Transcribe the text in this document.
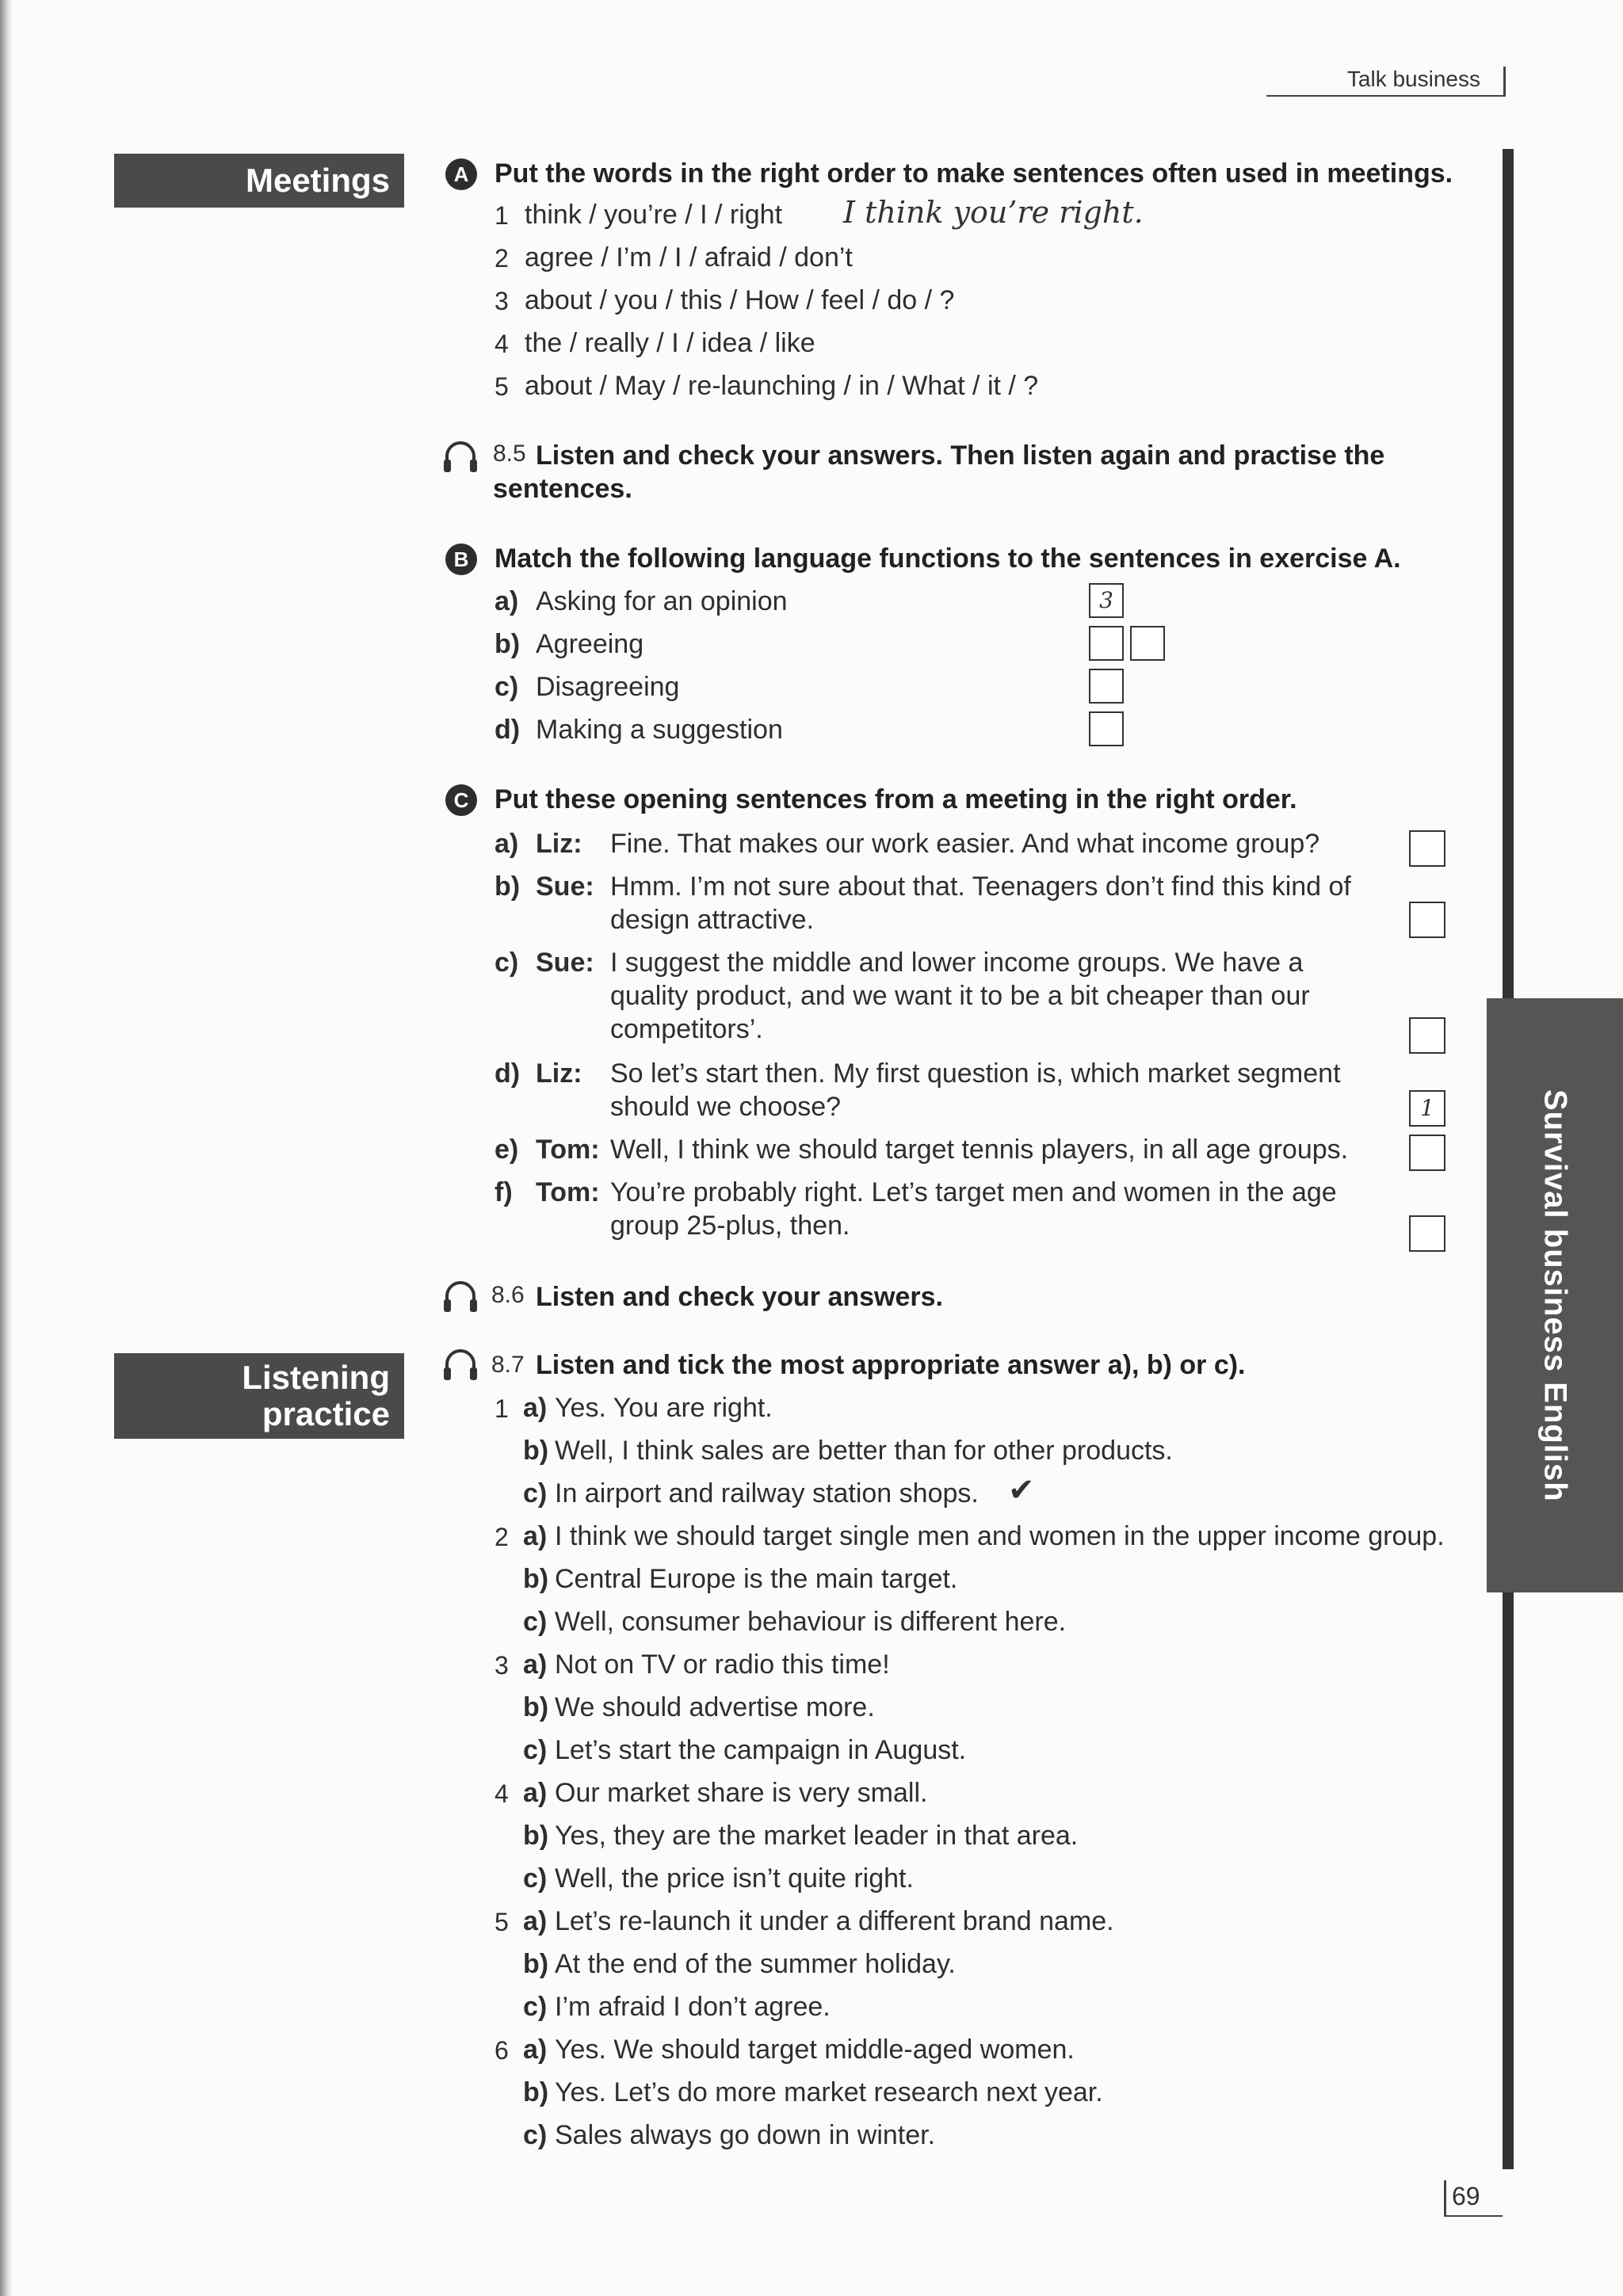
Talk business
Meetings
Listening
practice	Survival business English
A Put the words in the right order to make sentences often used in meetings.
1 think / you’re / I / right I think you’re right.
2 agree / I’m / I / afraid / don’t
3 about / you / this / How / feel / do / ?
4 the / really / I / idea / like
5 about / May / re-launching / in / What / it / ?
8.5 Listen and check your answers. Then listen again and practise the
sentences.
B Match the following language functions to the sentences in exercise A.
a) Asking for an opinion	3
b) Agreeing
c) Disagreeing
d) Making a suggestion
C Put these opening sentences from a meeting in the right order.
a) Liz: Fine. That makes our work easier. And what income group?
b) Sue: Hmm. I’m not sure about that. Teenagers don’t find this kind of
design attractive.
c) Sue: I suggest the middle and lower income groups. We have a
quality product, and we want it to be a bit cheaper than our
competitors’.
d) Liz: So let’s start then. My first question is, which market segment
should we choose?	1
e) Tom: Well, I think we should target tennis players, in all age groups.
f) Tom: You’re probably right. Let’s target men and women in the age
group 25-plus, then.
8.6 Listen and check your answers.
8.7 Listen and tick the most appropriate answer a), b) or c).
1 a) Yes. You are right.
b) Well, I think sales are better than for other products.
c) In airport and railway station shops. ✔
2 a) I think we should target single men and women in the upper income group.
b) Central Europe is the main target.
c) Well, consumer behaviour is different here.
3 a) Not on TV or radio this time!
b) We should advertise more.
c) Let’s start the campaign in August.
4 a) Our market share is very small.
b) Yes, they are the market leader in that area.
c) Well, the price isn’t quite right.
5 a) Let’s re-launch it under a different brand name.
b) At the end of the summer holiday.
c) I’m afraid I don’t agree.
6 a) Yes. We should target middle-aged women.
b) Yes. Let’s do more market research next year.
c) Sales always go down in winter.
69
